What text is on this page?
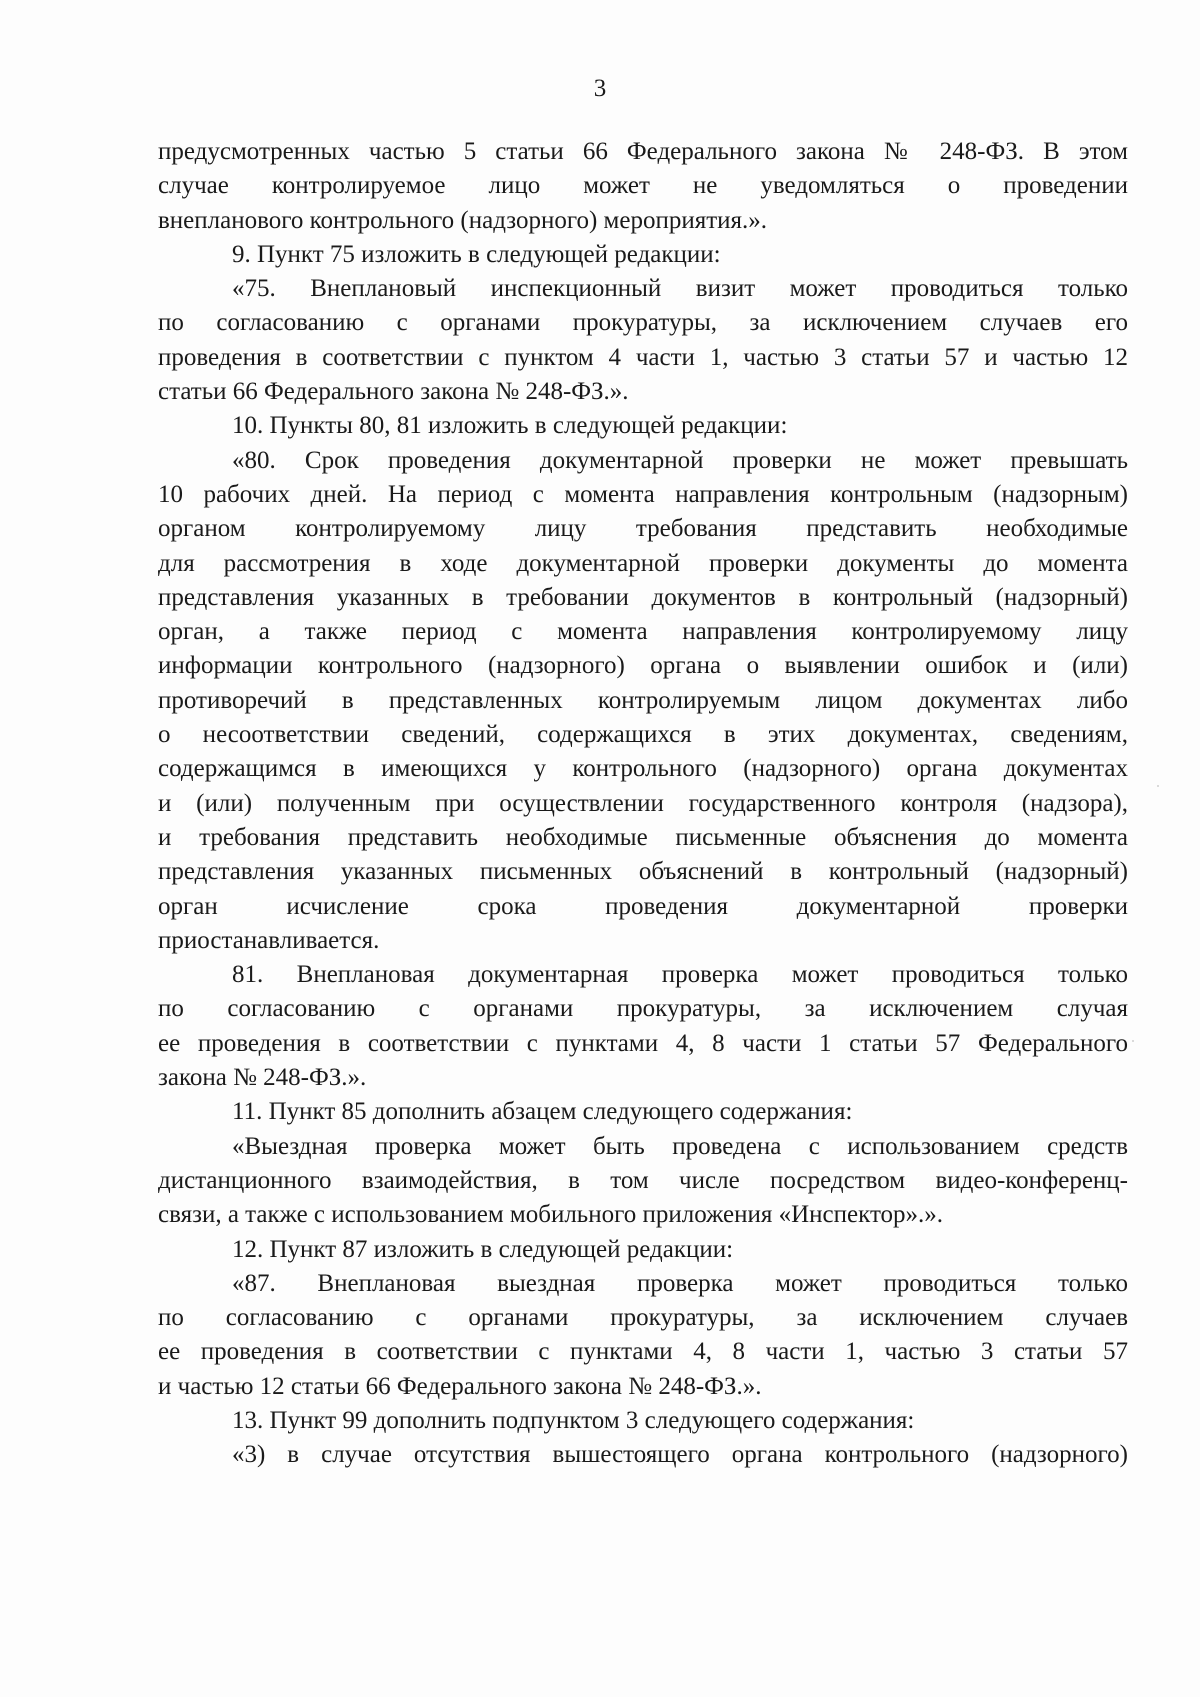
3
предусмотренных частью 5 статьи 66 Федерального закона № 248-ФЗ. В этом
случае контролируемое лицо может не уведомляться о проведении
внепланового контрольного (надзорного) мероприятия.».
9. Пункт 75 изложить в следующей редакции:
«75. Внеплановый инспекционный визит может проводиться только
по согласованию с органами прокуратуры, за исключением случаев его
проведения в соответствии с пунктом 4 части 1, частью 3 статьи 57 и частью 12
статьи 66 Федерального закона № 248-ФЗ.».
10. Пункты 80, 81 изложить в следующей редакции:
«80. Срок проведения документарной проверки не может превышать
10 рабочих дней. На период с момента направления контрольным (надзорным)
органом контролируемому лицу требования представить необходимые
для рассмотрения в ходе документарной проверки документы до момента
представления указанных в требовании документов в контрольный (надзорный)
орган, а также период с момента направления контролируемому лицу
информации контрольного (надзорного) органа о выявлении ошибок и (или)
противоречий в представленных контролируемым лицом документах либо
о несоответствии сведений, содержащихся в этих документах, сведениям,
содержащимся в имеющихся у контрольного (надзорного) органа документах
и (или) полученным при осуществлении государственного контроля (надзора),
и требования представить необходимые письменные объяснения до момента
представления указанных письменных объяснений в контрольный (надзорный)
орган исчисление срока проведения документарной проверки
приостанавливается.
81. Внеплановая документарная проверка может проводиться только
по согласованию с органами прокуратуры, за исключением случая
ее проведения в соответствии с пунктами 4, 8 части 1 статьи 57 Федерального
закона № 248-ФЗ.».
11. Пункт 85 дополнить абзацем следующего содержания:
«Выездная проверка может быть проведена с использованием средств
дистанционного взаимодействия, в том числе посредством видео-конференц-
связи, а также с использованием мобильного приложения «Инспектор».».
12. Пункт 87 изложить в следующей редакции:
«87. Внеплановая выездная проверка может проводиться только
по согласованию с органами прокуратуры, за исключением случаев
ее проведения в соответствии с пунктами 4, 8 части 1, частью 3 статьи 57
и частью 12 статьи 66 Федерального закона № 248-ФЗ.».
13. Пункт 99 дополнить подпунктом 3 следующего содержания:
«3) в случае отсутствия вышестоящего органа контрольного (надзорного)
